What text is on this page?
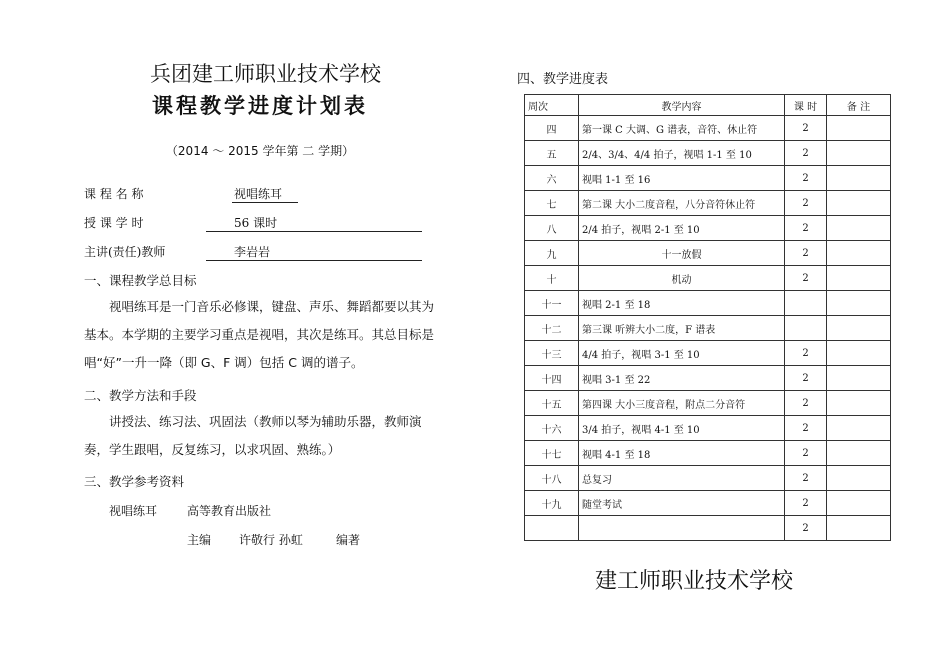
兵团建工师职业技术学校
课程教学进度计划表
（2014 ～ 2015 学年第 二 学期）
课 程 名 称	视唱练耳
授 课 学 时	56 课时
主讲(责任)教师	李岩岩
一、课程教学总目标
视唱练耳是一门音乐必修课，键盘、声乐、舞蹈都要以其为基本。本学期的主要学习重点是视唱，其次是练耳。其总目标是唱“好”一升一降（即 G、F 调）包括 C 调的谱子。
二、教学方法和手段
讲授法、练习法、巩固法（教师以琴为辅助乐器，教师演奏，学生跟唱，反复练习，以求巩固、熟练。）
三、教学参考资料
视唱练耳 高等教育出版社
主编 许敬行 孙虹	编著
四、教学进度表
周次	教学内容	课 时	备 注
四	第一课 C 大调、G 谱表，音符、休止符	2	
五	2/4、3/4、4/4 拍子，视唱 1-1 至 10	2	
六	视唱 1-1 至 16	2	
七	第二课 大小二度音程，八分音符休止符	2	
八	2/4 拍子，视唱 2-1 至 10	2	
九	十一放假	2	
十	机动	2	
十一	视唱 2-1 至 18		
十二	第三课 听辨大小二度，F 谱表		
十三	4/4 拍子，视唱 3-1 至 10	2	
十四	视唱 3-1 至 22	2	
十五	第四课 大小三度音程，附点二分音符	2	
十六	3/4 拍子，视唱 4-1 至 10	2	
十七	视唱 4-1 至 18	2	
十八	总复习	2	
十九	随堂考试	2	
		2	
建工师职业技术学校
